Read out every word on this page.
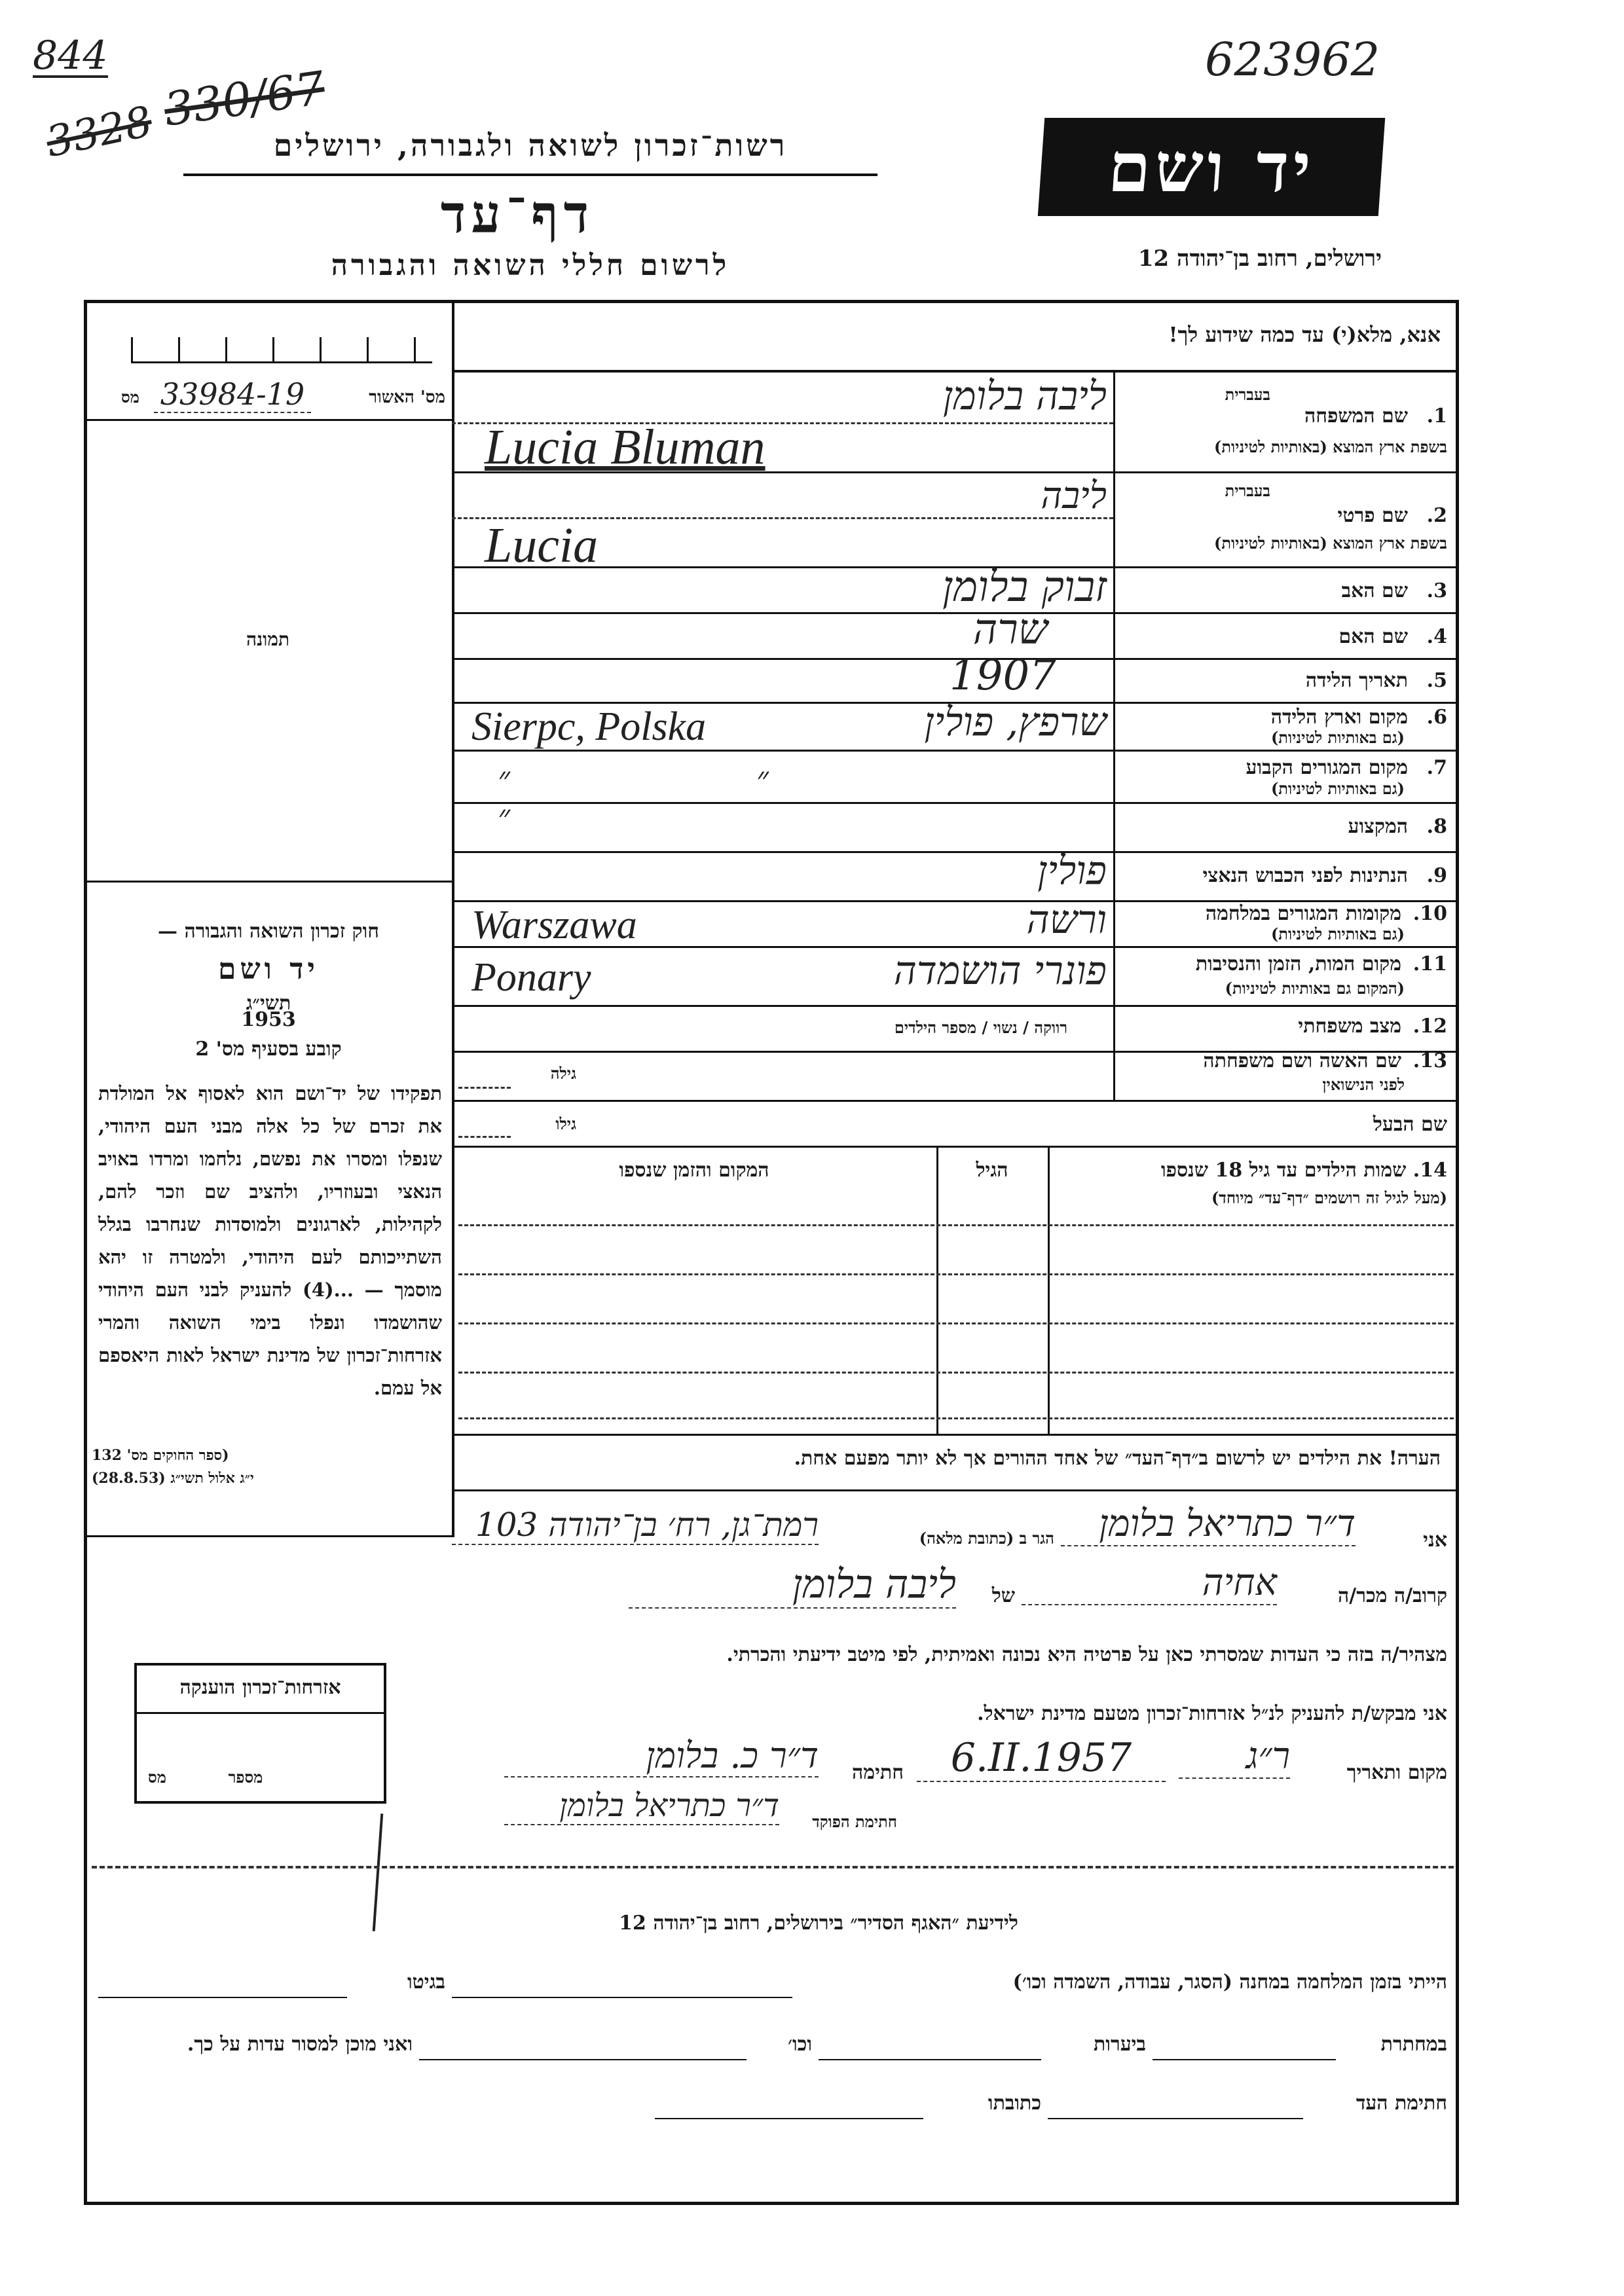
844
3328 330/67
623962
רשות־זכרון לשואה ולגבורה, ירושלים
דף־עד
לרשום חללי השואה והגבורה
יד ושם
ירושלים, רחוב בן־יהודה 12
אנא, מלא(י) עד כמה שידוע לך!
מס' האשור
33984-19
מס
תמונה
חוק זכרון השואה והגבורה —
יד ושם
תשי״ג
1953
קובע בסעיף מס' 2
תפקידו של יד־ושם הוא לאסוף אל המולדת את זכרם של כל אלה מבני העם היהודי, שנפלו ומסרו את נפשם, נלחמו ומרדו באויב הנאצי ובעוזריו, ולהציב שם וזכר להם, לקהילות, לארגונים ולמוסדות שנחרבו בגלל השתייכותם לעם היהודי, ולמטרה זו יהא מוסמך — ...(4) להעניק לבני העם היהודי שהושמדו ונפלו בימי השואה והמרי אזרחות־זכרון של מדינת ישראל לאות היאספם אל עמם.
(ספר החוקים מס' 132
י״ג אלול תשי״ג (28.8.53)
1.
שם המשפחה
בעברית
בשפת ארץ המוצא (באותיות לטיניות)
ליבה בלומן
Lucia Bluman
2.
שם פרטי
בעברית
בשפת ארץ המוצא (באותיות לטיניות)
ליבה
Lucia
3.
שם האב
זבוק בלומן
4.
שם האם
שרה
5.
תאריך הלידה
1907
6.
מקום וארץ הלידה
(גם באותיות לטיניות)
שרפץ, פולין
Sierpc, Polska
7.
מקום המגורים הקבוע
(גם באותיות לטיניות)
״ ״ ״	8.
המקצוע
9.
הנתינות לפני הכבוש הנאצי
פולין
10.
מקומות המגורים במלחמה
(גם באותיות לטיניות)
ורשה
Warszawa
11.
מקום המות, הזמן והנסיבות
(המקום גם באותיות לטיניות)
פונרי הושמדה
Ponary
12.
מצב משפחתי
רווקה / נשוי / מספר הילדים
13.
שם האשה ושם משפחתה
לפני הנישואין
גילה
שם הבעל
גילו
14. שמות הילדים עד גיל 18 שנספו
(מעל לגיל זה רושמים ״דף־עד״ מיוחד)
הגיל
המקום והזמן שנספו
הערה! את הילדים יש לרשום ב״דף־העד״ של אחד ההורים אך לא יותר מפעם אחת.
אני
ד״ר כתריאל בלומן
הגר ב (כתובת מלאה)
רמת־גן, רח׳ בן־יהודה 103
קרוב/ה מכר/ה
אחיה
של
ליבה בלומן
מצהיר/ה בזה כי העדות שמסרתי כאן על פרטיה היא נכונה ואמיתית, לפי מיטב ידיעתי והכרתי.
אני מבקש/ת להעניק לנ״ל אזרחות־זכרון מטעם מדינת ישראל.
מקום ותאריך
ר״ג
6.II.1957
חתימה
ד״ר כ. בלומן
חתימת הפוקד
ד״ר כתריאל בלומן
אזרחות־זכרון הוענקה
מספר
מס
לידיעת ״האגף הסדיר״ בירושלים, רחוב בן־יהודה 12
הייתי בזמן המלחמה במחנה (הסגר, עבודה, השמדה וכו׳)
בגיטו
במחתרת
ביערות
וכו׳
ואני מוכן למסור עדות על כך.
חתימת העד
כתובתו
